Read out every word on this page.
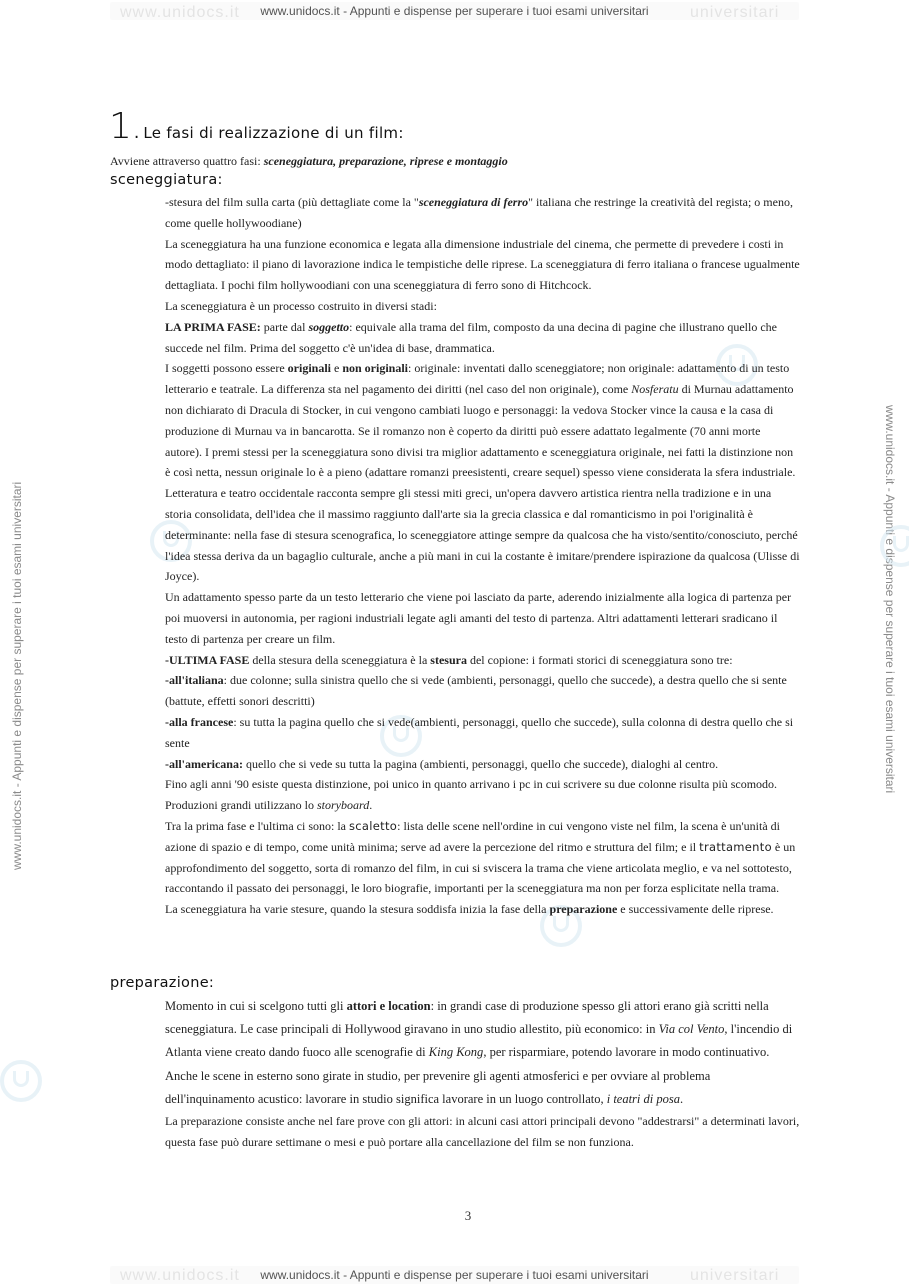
www.unidocs.it	universitari
www.unidocs.it	universitari
www.unidocs.it - Appunti e dispense per superare i tuoi esami universitari
www.unidocs.it - Appunti e dispense per superare i tuoi esami universitari
www.unidocs.it - Appunti e dispense per superare i tuoi esami universitari	www.unidocs.it - Appunti e dispense per superare i tuoi esami universitari
1. Le fasi di realizzazione di un film:
Avviene attraverso quattro fasi: sceneggiatura, preparazione, riprese e montaggio
sceneggiatura:

-stesura del film sulla carta (più dettagliate come la "sceneggiatura di ferro" italiana che restringe la creatività del regista; o meno, come quelle hollywoodiane)

La sceneggiatura ha una funzione economica e legata alla dimensione industriale del cinema, che permette di prevedere i costi in modo dettagliato: il piano di lavorazione indica le tempistiche delle riprese. La sceneggiatura di ferro italiana o francese ugualmente dettagliata. I pochi film hollywoodiani con una sceneggiatura di ferro sono di Hitchcock.

La sceneggiatura è un processo costruito in diversi stadi:

LA PRIMA FASE: parte dal soggetto: equivale alla trama del film, composto da una decina di pagine che illustrano quello che succede nel film. Prima del soggetto c'è un'idea di base, drammatica.

I soggetti possono essere originali e non originali: originale: inventati dallo sceneggiatore; non originale: adattamento di un testo letterario e teatrale. La differenza sta nel pagamento dei diritti (nel caso del non originale), come Nosferatu di Murnau adattamento non dichiarato di Dracula di Stocker, in cui vengono cambiati luogo e personaggi: la vedova Stocker vince la causa e la casa di produzione di Murnau va in bancarotta. Se il romanzo non è coperto da diritti può essere adattato legalmente (70 anni morte autore). I premi stessi per la sceneggiatura sono divisi tra miglior adattamento e sceneggiatura originale, nei fatti la distinzione non è così netta, nessun originale lo è a pieno (adattare romanzi preesistenti, creare sequel) spesso viene considerata la sfera industriale. Letteratura e teatro occidentale racconta sempre gli stessi miti greci, un'opera davvero artistica rientra nella tradizione e in una storia consolidata, dell'idea che il massimo raggiunto dall'arte sia la grecia classica e dal romanticismo in poi l'originalità è determinante: nella fase di stesura scenografica, lo sceneggiatore attinge sempre da qualcosa che ha visto/sentito/conosciuto, perché l'idea stessa deriva da un bagaglio culturale, anche a più mani in cui la costante è imitare/prendere ispirazione da qualcosa (Ulisse di Joyce).

Un adattamento spesso parte da un testo letterario che viene poi lasciato da parte, aderendo inizialmente alla logica di partenza per poi muoversi in autonomia, per ragioni industriali legate agli amanti del testo di partenza. Altri adattamenti letterari sradicano il testo di partenza per creare un film.

-ULTIMA FASE della stesura della sceneggiatura è la stesura del copione: i formati storici di sceneggiatura sono tre:

-all'italiana: due colonne; sulla sinistra quello che si vede (ambienti, personaggi, quello che succede), a destra quello che si sente (battute, effetti sonori descritti)

-alla francese: su tutta la pagina quello che si vede(ambienti, personaggi, quello che succede), sulla colonna di destra quello che si sente

-all'americana: quello che si vede su tutta la pagina (ambienti, personaggi, quello che succede), dialoghi al centro.

Fino agli anni '90 esiste questa distinzione, poi unico in quanto arrivano i pc in cui scrivere su due colonne risulta più scomodo.

Produzioni grandi utilizzano lo storyboard.

Tra la prima fase e l'ultima ci sono: la scaletto: lista delle scene nell'ordine in cui vengono viste nel film, la scena è un'unità di azione di spazio e di tempo, come unità minima; serve ad avere la percezione del ritmo e struttura del film; e il trattamento è un approfondimento del soggetto, sorta di romanzo del film, in cui si sviscera la trama che viene articolata meglio, e va nel sottotesto, raccontando il passato dei personaggi, le loro biografie, importanti per la sceneggiatura ma non per forza esplicitate nella trama.

La sceneggiatura ha varie stesure, quando la stesura soddisfa inizia la fase della preparazione e successivamente delle riprese.

preparazione:

Momento in cui si scelgono tutti gli attori e location: in grandi case di produzione spesso gli attori erano già scritti nella sceneggiatura. Le case principali di Hollywood giravano in uno studio allestito, più economico: in Via col Vento, l'incendio di Atlanta viene creato dando fuoco alle scenografie di King Kong, per risparmiare, potendo lavorare in modo continuativo. Anche le scene in esterno sono girate in studio, per prevenire gli agenti atmosferici e per ovviare al problema dell'inquinamento acustico: lavorare in studio significa lavorare in un luogo controllato, i teatri di posa.

La preparazione consiste anche nel fare prove con gli attori: in alcuni casi attori principali devono "addestrarsi" a determinati lavori, questa fase può durare settimane o mesi e può portare alla cancellazione del film se non funziona.

3
